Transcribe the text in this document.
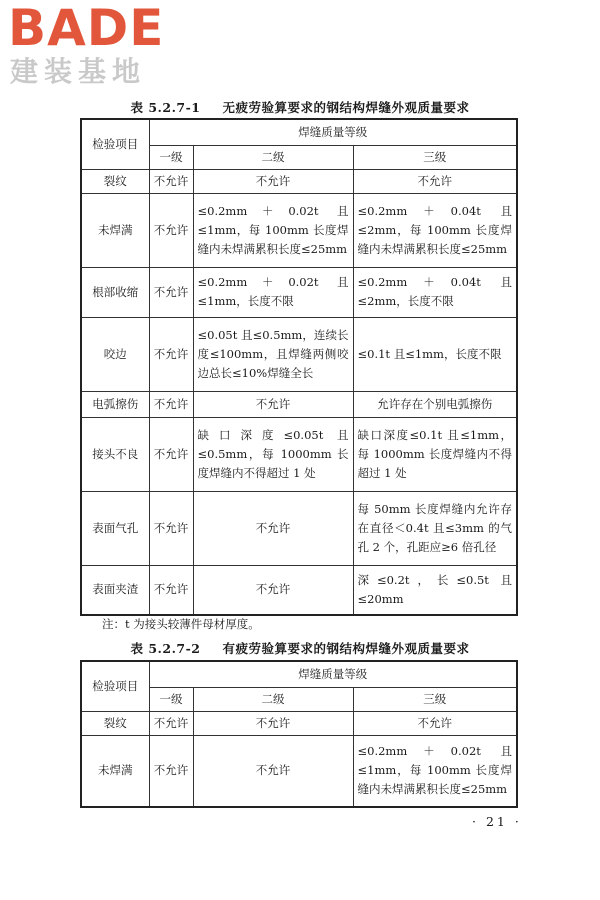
BADE
建装基地
表 5.2.7-1 无疲劳验算要求的钢结构焊缝外观质量要求
检验项目	焊缝质量等级		
	一级	二级	三级
裂纹	不允许	不允许	不允许
未焊满	不允许	≤0.2mm＋0.02t 且≤1mm，每 100mm 长度焊缝内未焊满累积长度≤25mm	≤0.2mm＋0.04t 且≤2mm，每 100mm 长度焊缝内未焊满累积长度≤25mm
根部收缩	不允许	≤0.2mm＋0.02t 且≤1mm，长度不限	≤0.2mm＋0.04t 且≤2mm，长度不限
咬边	不允许	≤0.05t 且≤0.5mm，连续长度≤100mm，且焊缝两侧咬边总长≤10%焊缝全长	≤0.1t 且≤1mm，长度不限
电弧擦伤	不允许	不允许	允许存在个别电弧擦伤
接头不良	不允许	缺口深度≤0.05t 且≤0.5mm，每 1000mm 长度焊缝内不得超过 1 处	缺口深度≤0.1t 且≤1mm，每 1000mm 长度焊缝内不得超过 1 处
表面气孔	不允许	不允许	每 50mm 长度焊缝内允许存在直径＜0.4t 且≤3mm 的气孔 2 个，孔距应≥6 倍孔径
表面夹渣	不允许	不允许	深≤0.2t，长≤0.5t 且≤20mm
注：t 为接头较薄件母材厚度。
表 5.2.7-2 有疲劳验算要求的钢结构焊缝外观质量要求
检验项目	焊缝质量等级		
	一级	二级	三级
裂纹	不允许	不允许	不允许
未焊满	不允许	不允许	≤0.2mm＋0.02t 且≤1mm，每 100mm 长度焊缝内未焊满累积长度≤25mm
· 21 ·
